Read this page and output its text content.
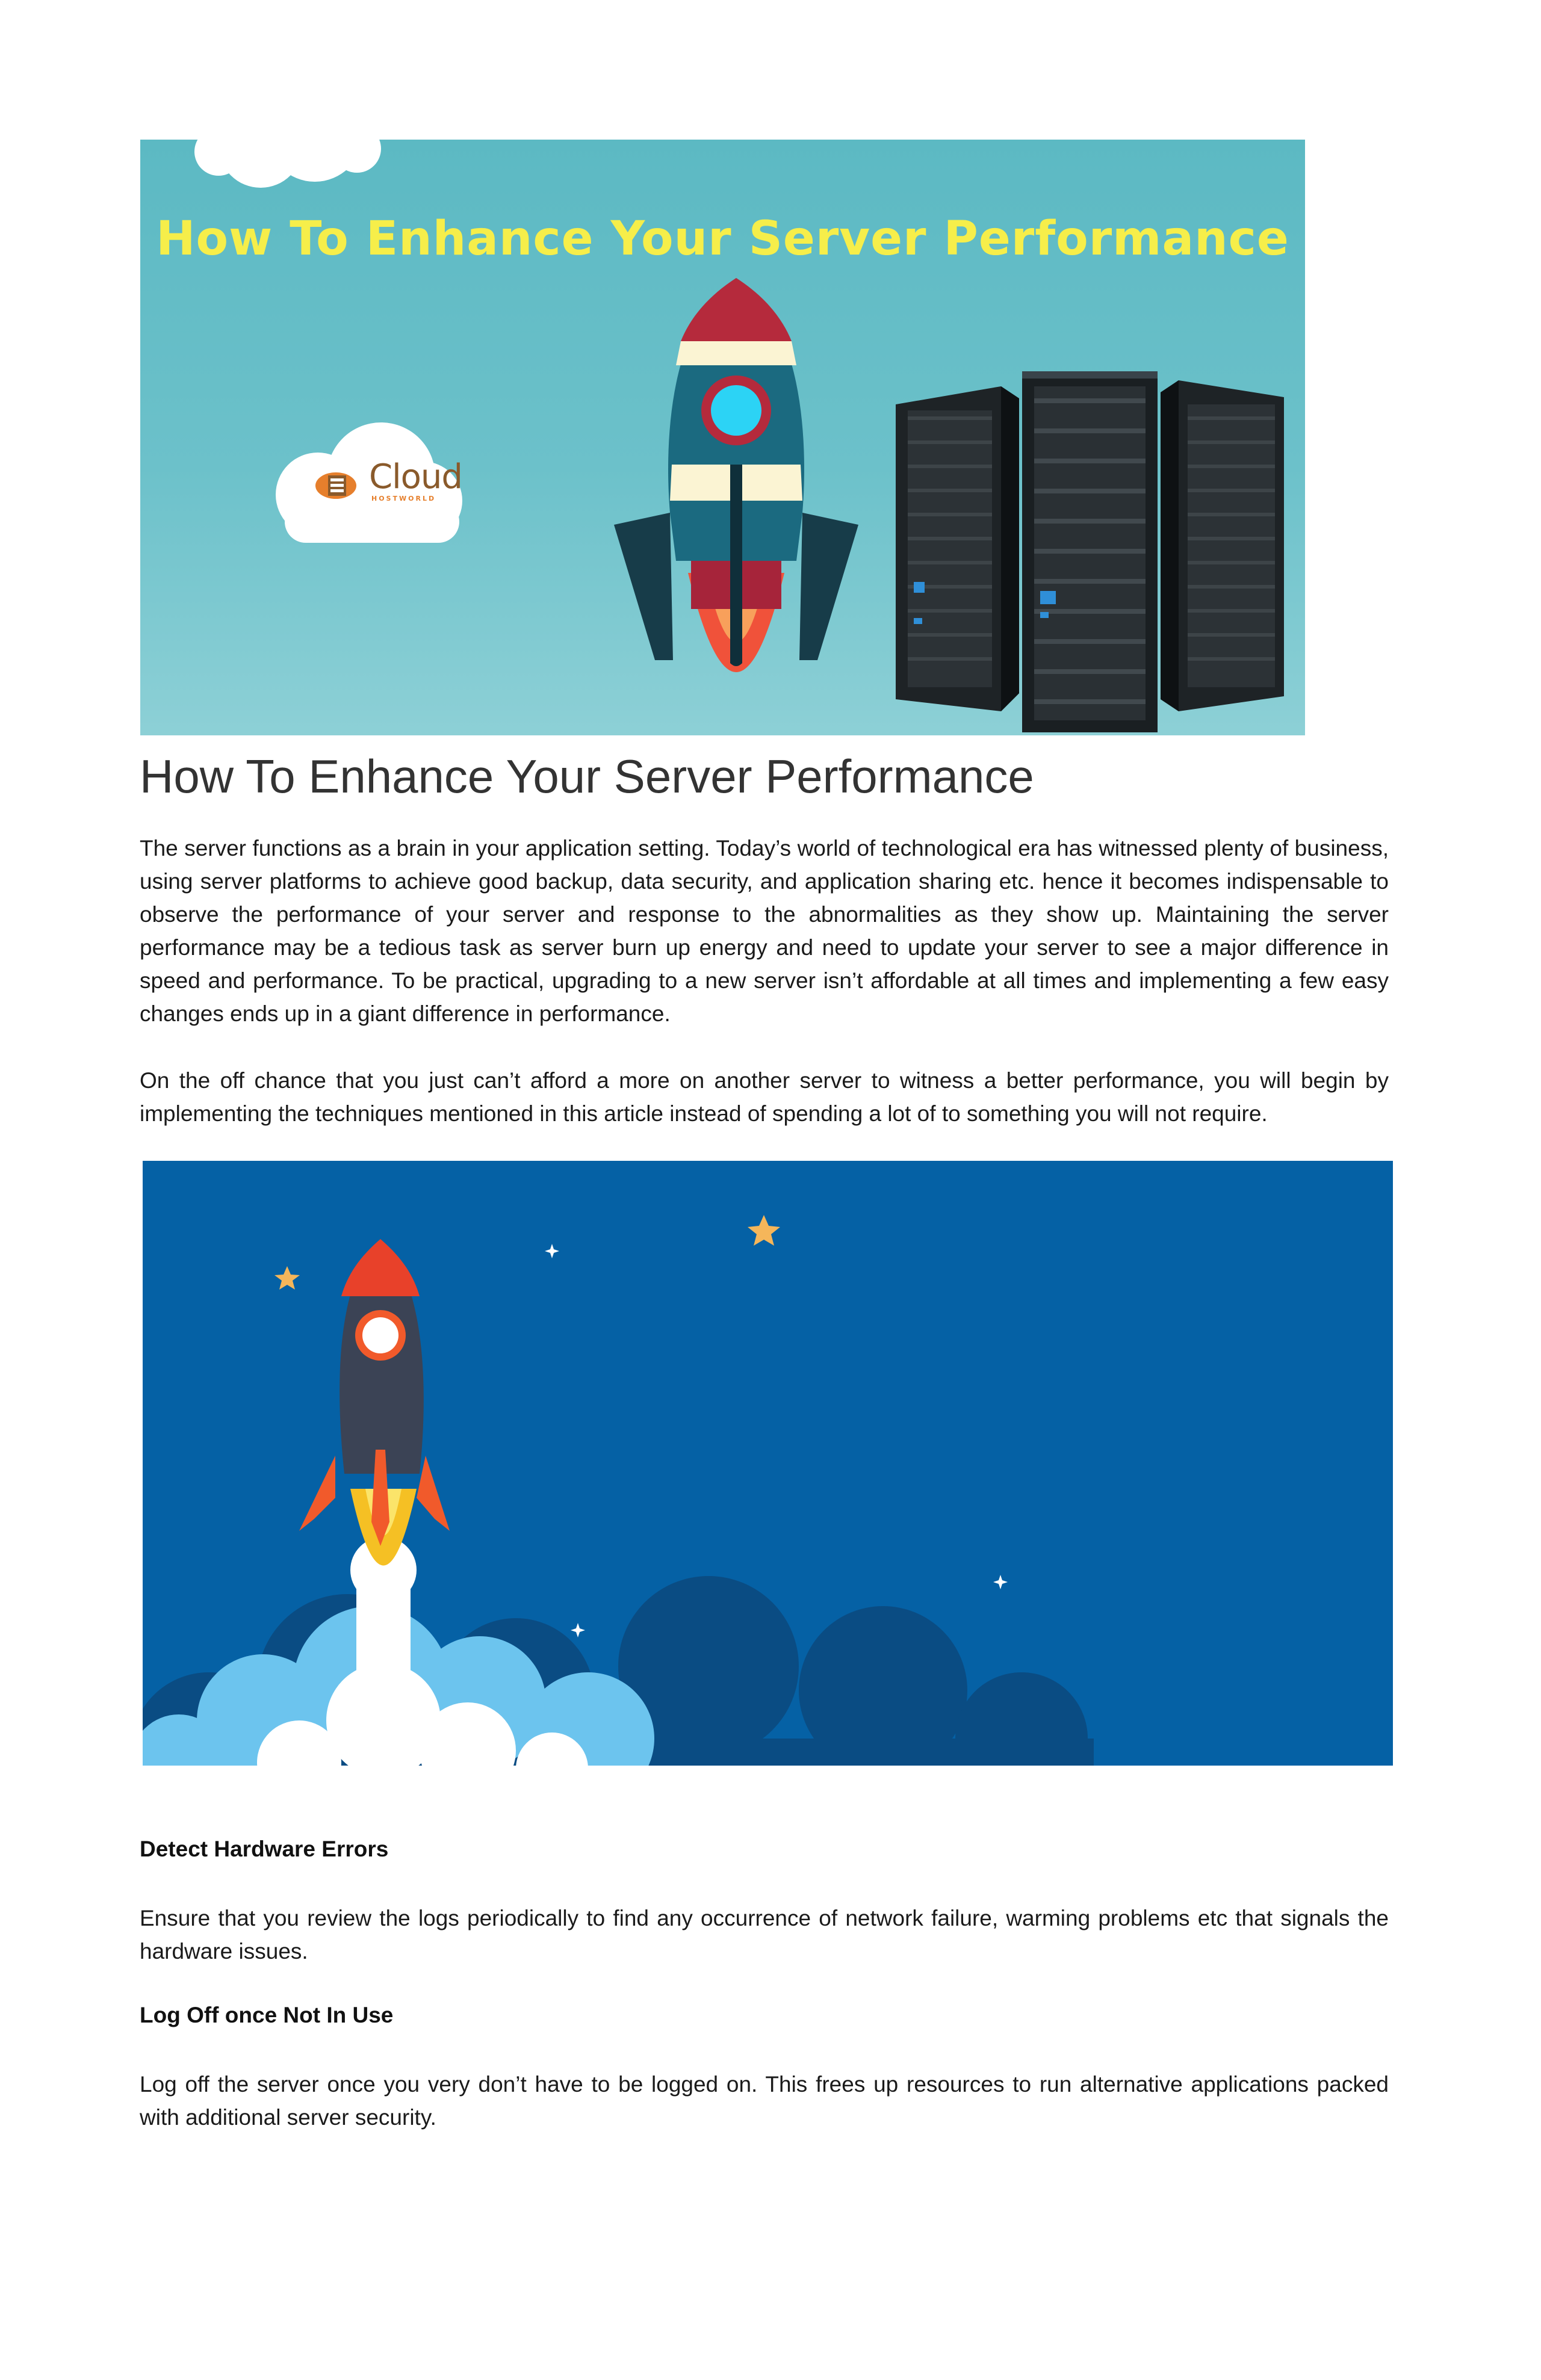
How To Enhance Your Server Performance
Cloud
HOSTWORLD
How To Enhance Your Server Performance

The server functions as a brain in your application setting. Today’s world of technological era has witnessed plenty of business, using server platforms to achieve good backup, data security, and application sharing etc. hence it becomes indispensable to observe the performance of your server and response to the abnormalities as they show up. Maintaining the server performance may be a tedious task as server burn up energy and need to update your server to see a major difference in speed and performance. To be practical, upgrading to a new server isn’t affordable at all times and implementing a few easy changes ends up in a giant difference in performance.

On the off chance that you just can’t afford a more on another server to witness a better performance, you will begin by implementing the techniques mentioned in this article instead of spending a lot of to something you will not require.

Detect Hardware Errors

Ensure that you review the logs periodically to find any occurrence of network failure, warming problems etc that signals the hardware issues.

Log Off once Not In Use

Log off the server once you very don’t have to be logged on. This frees up resources to run alternative applications packed with additional server security.
